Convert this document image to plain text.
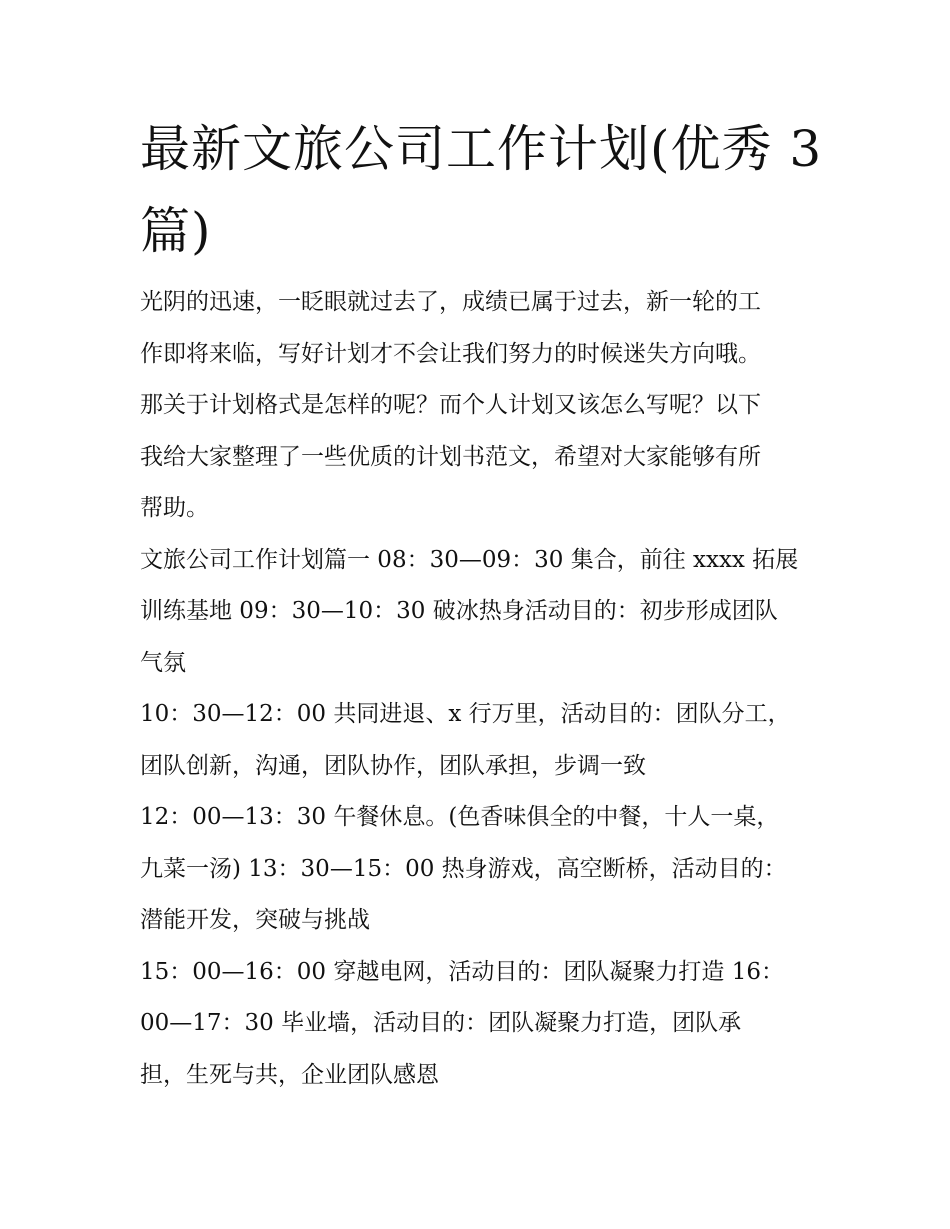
最新文旅公司工作计划(优秀 3
篇)
光阴的迅速，一眨眼就过去了，成绩已属于过去，新一轮的工
作即将来临，写好计划才不会让我们努力的时候迷失方向哦。
那关于计划格式是怎样的呢？而个人计划又该怎么写呢？以下
我给大家整理了一些优质的计划书范文，希望对大家能够有所
帮助。
文旅公司工作计划篇一 08：30—09：30 集合，前往 xxxx 拓展
训练基地 09：30—10：30 破冰热身活动目的：初步形成团队
气氛
10：30—12：00 共同进退、x 行万里，活动目的：团队分工，
团队创新，沟通，团队协作，团队承担，步调一致
12：00—13：30 午餐休息。(色香味俱全的中餐，十人一桌，
九菜一汤) 13：30—15：00 热身游戏，高空断桥，活动目的：
潜能开发，突破与挑战
15：00—16：00 穿越电网，活动目的：团队凝聚力打造 16：
00—17：30 毕业墙，活动目的：团队凝聚力打造，团队承
担，生死与共，企业团队感恩
